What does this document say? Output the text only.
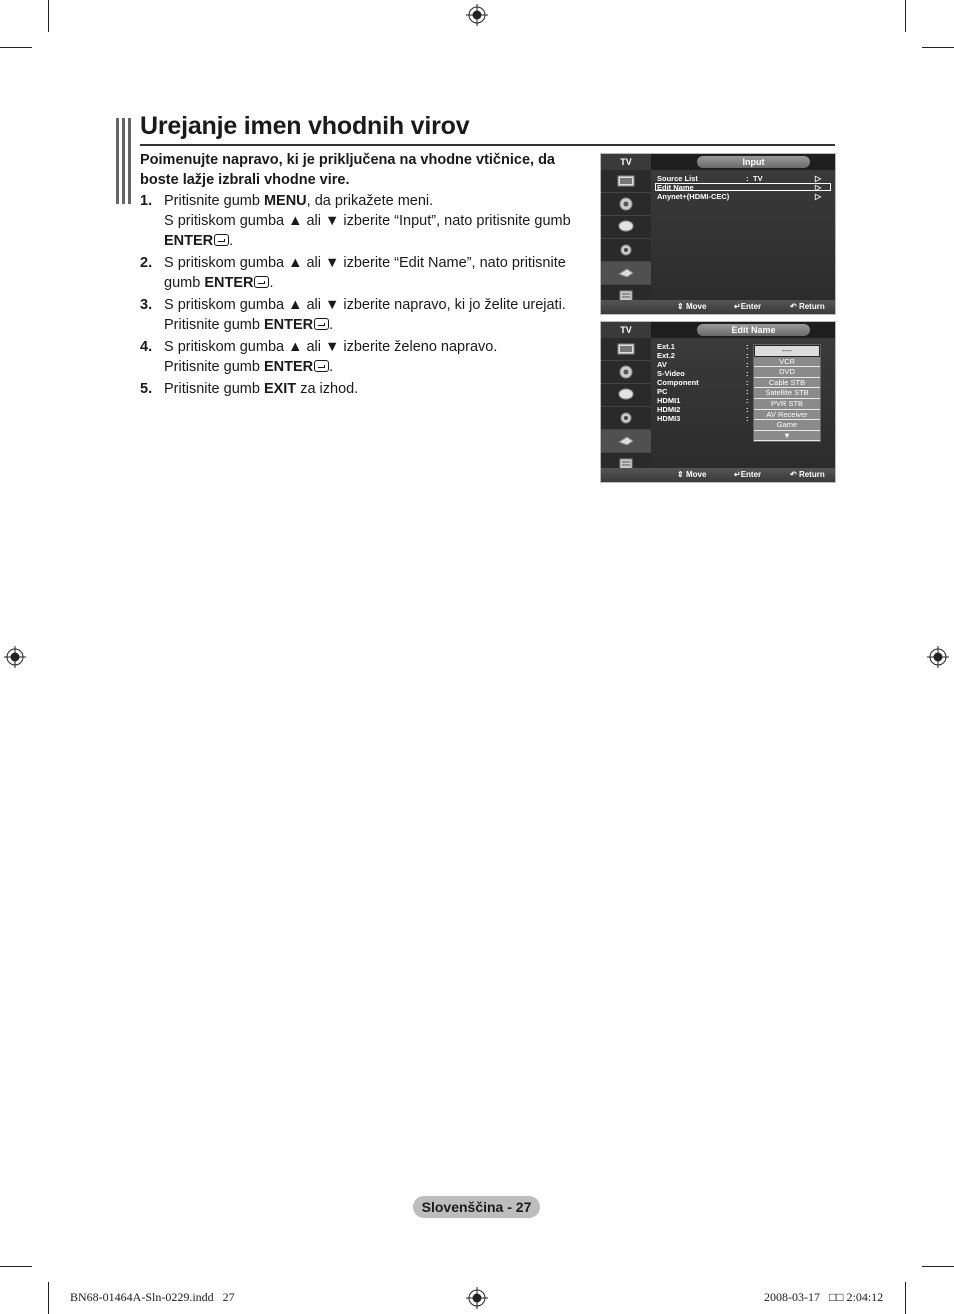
Urejanje imen vhodnih virov
Poimenujte napravo, ki je priključena na vhodne vtičnice, da boste lažje izbrali vhodne vire.
1. Pritisnite gumb MENU, da prikažete meni.
S pritiskom gumba ▲ ali ▼ izberite “Input”, nato pritisnite gumb ENTER .
2. S pritiskom gumba ▲ ali ▼ izberite “Edit Name”, nato pritisnite gumb ENTER .
3. S pritiskom gumba ▲ ali ▼ izberite napravo, ki jo želite urejati.
Pritisnite gumb ENTER .
4. S pritiskom gumba ▲ ali ▼ izberite želeno napravo.
Pritisnite gumb ENTER .
5. Pritisnite gumb EXIT za izhod.
TV	Input
Source List	: TV	▷
Edit Name	▷
Anynet+(HDMI-CEC)	▷
⇕ Move	↵Enter	↶ Return
TV	Edit Name
Ext.1	:
Ext.2	:
AV	:
S-Video	:
Component	:
PC	:
HDMI1	:
HDMI2	:
HDMI3	:
----
VCR
DVD
Cable STB
Satellite STB
PVR STB
AV Receiver
Game
▼
⇕ Move	↵Enter	↶ Return
Slovenščina - 27
BN68-01464A-Sln-0229.indd   27	2008-03-17   □□ 2:04:12
